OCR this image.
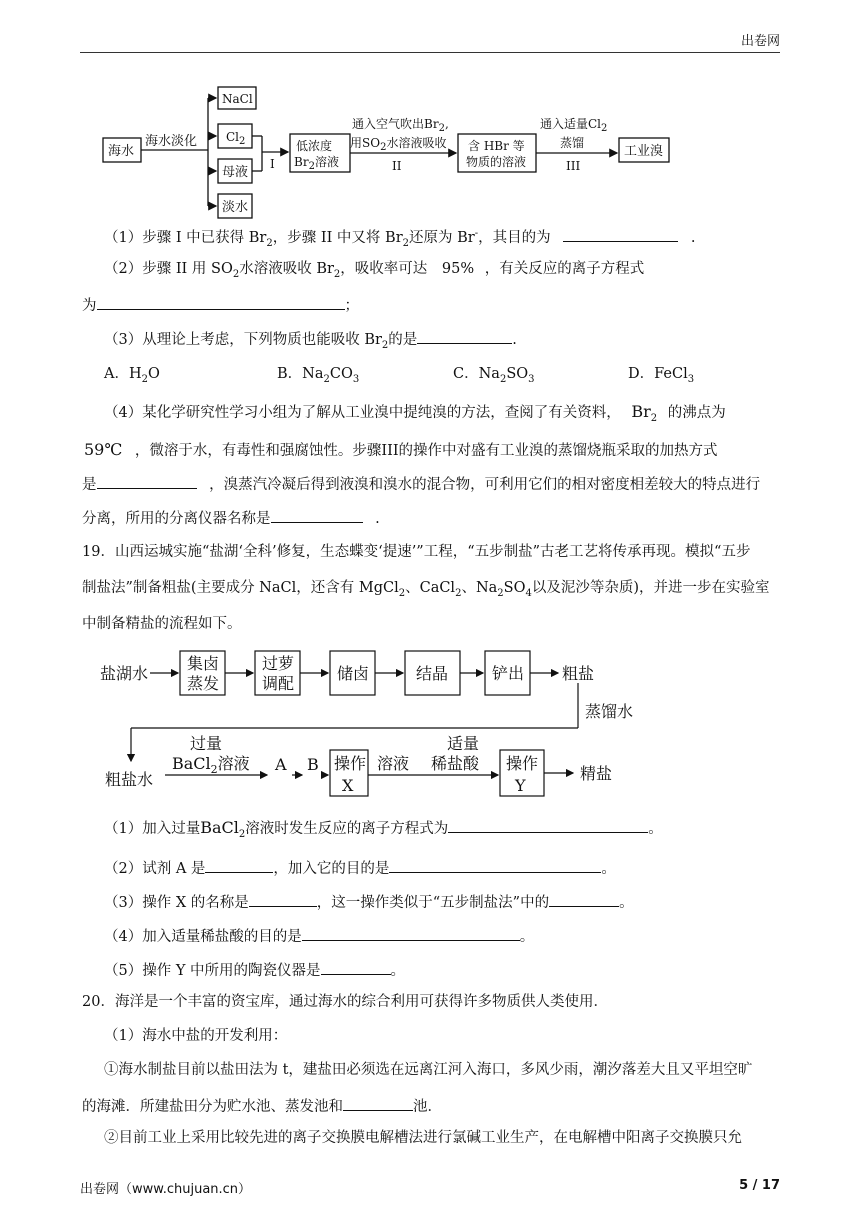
出卷网
海水
海水淡化
NaCl
$Cl_2$
母液
淡水
I
低浓度
$Br_2$溶液
通入空气吹出$Br_2$,
用$SO_2$水溶液吸收
II
含 HBr 等
物质的溶液
通入适量$Cl_2$
蒸馏
III
工业溴
（1）步骤 I 中已获得 $Br_2$，步骤 II 中又将 $Br_2$还原为 Br-，其目的为	.
（2）步骤 II 用 $SO_2$水溶液吸收 $Br_2$，吸收率可达 95% ，有关反应的离子方程式
为	；
（3）从理论上考虑，下列物质也能吸收 $Br_2$的是	.
A．$H_2O$	B．$Na_2CO_3$	C．$Na_2SO_3$	D．FeCl$_3$
（4）某化学研究性学习小组为了解从工业溴中提纯溴的方法，查阅了有关资料， $Br_2$ 的沸点为
59℃ ，微溶于水，有毒性和强腐蚀性。步骤III的操作中对盛有工业溴的蒸馏烧瓶采取的加热方式
是	，溴蒸汽冷凝后得到液溴和溴水的混合物，可利用它们的相对密度相差较大的特点进行
分离，所用的分离仪器名称是	.
19．山西运城实施“盐湖‘全科’修复，生态蝶变‘提速’”工程，“五步制盐”古老工艺将传承再现。模拟“五步
制盐法”制备粗盐(主要成分 NaCl，还含有 MgCl$_2$、CaCl$_2$、$Na_2SO_4$以及泥沙等杂质)，并进一步在实验室
中制备精盐的流程如下。
盐湖水
集卤
蒸发
过萝
调配
储卤	结晶	铲出 粗盐
蒸馏水
粗盐水
过量
BaCl$_2$溶液 A B 操作
X
溶液
适量
稀盐酸 操作
Y
精盐
（1）加入过量BaCl$_2$溶液时发生反应的离子方程式为	。
（2）试剂 A 是	，加入它的目的是	。
（3）操作 X 的名称是	，这一操作类似于“五步制盐法”中的	。
（4）加入适量稀盐酸的目的是	。
（5）操作 Y 中所用的陶瓷仪器是	。
20．海洋是一个丰富的资宝库，通过海水的综合利用可获得许多物质供人类使用．
（1）海水中盐的开发利用：
①海水制盐目前以盐田法为 t，建盐田必须选在远离江河入海口，多风少雨，潮汐落差大且又平坦空旷
的海滩．所建盐田分为贮水池、蒸发池和	池．
②目前工业上采用比较先进的离子交换膜电解槽法进行氯碱工业生产，在电解槽中阳离子交换膜只允
出卷网（www.chujuan.cn）	5 / 17
